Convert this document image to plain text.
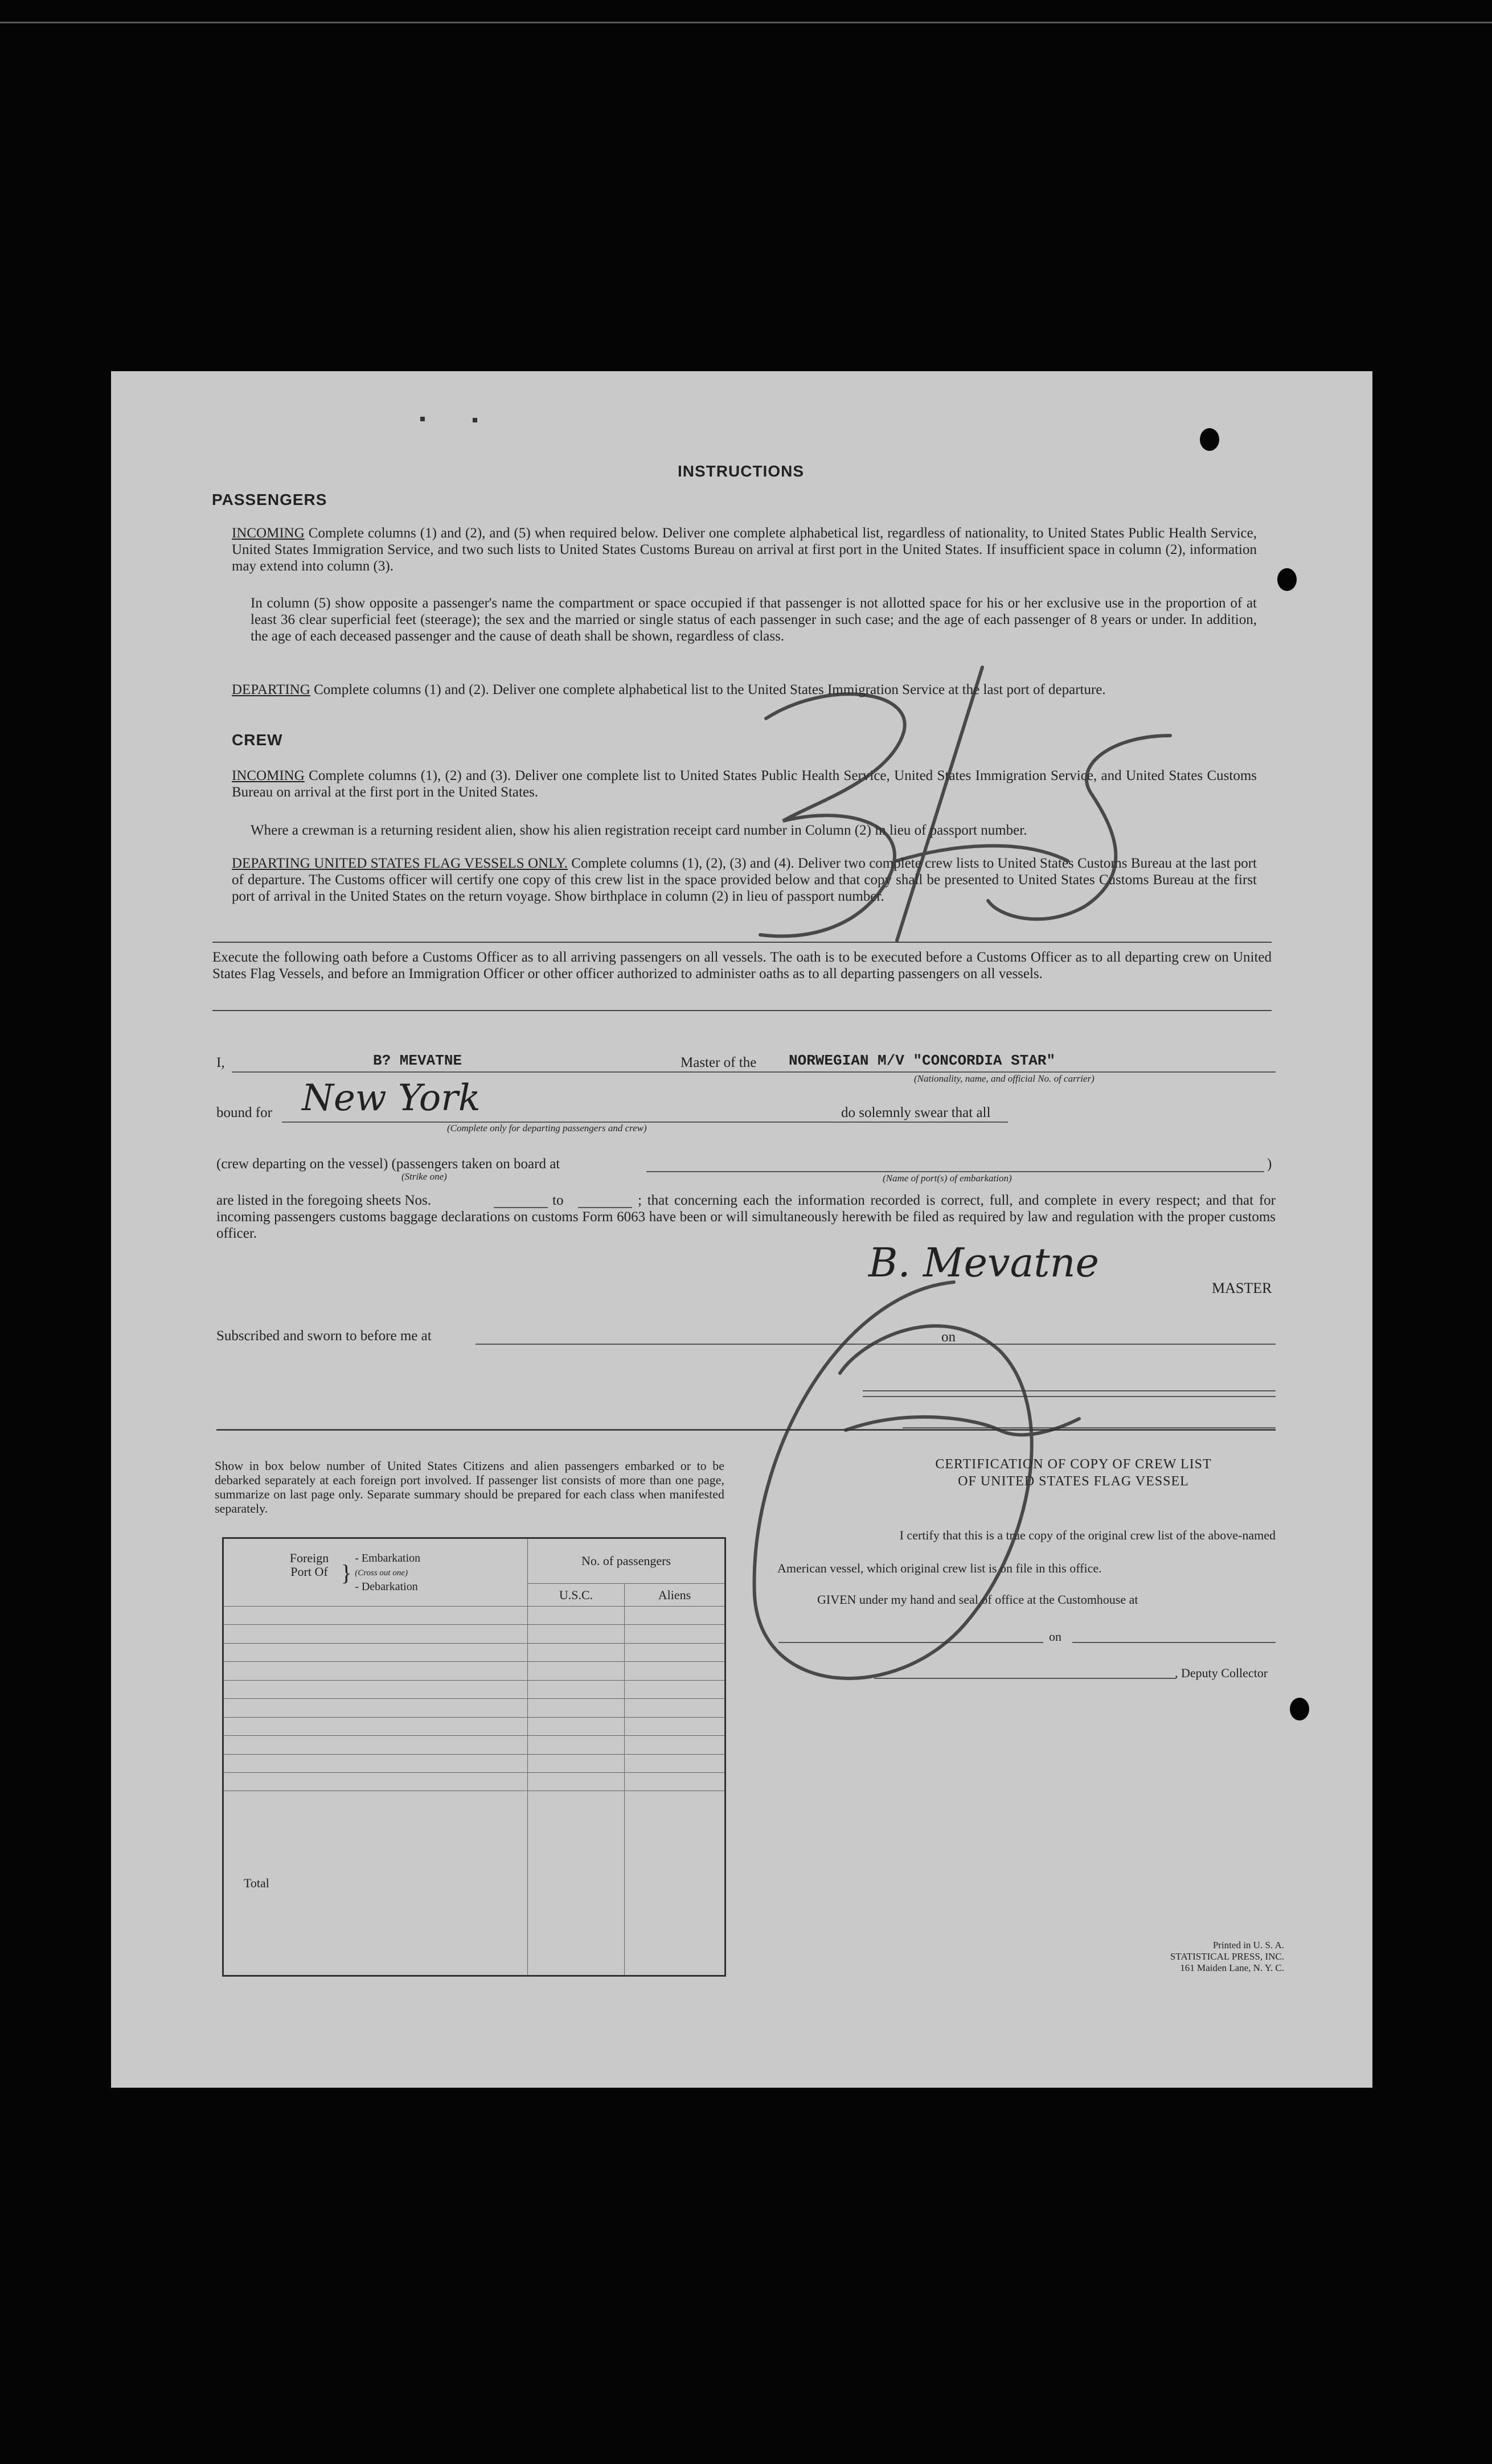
INSTRUCTIONS
PASSENGERS
INCOMING Complete columns (1) and (2), and (5) when required below. Deliver one complete alphabetical list, regardless of nationality, to United States Public Health Service, United States Immigration Service, and two such lists to United States Customs Bureau on arrival at first port in the United States. If insufficient space in column (2), information may extend into column (3).
In column (5) show opposite a passenger's name the compartment or space occupied if that passenger is not allotted space for his or her exclusive use in the proportion of at least 36 clear superficial feet (steerage); the sex and the married or single status of each passenger in such case; and the age of each passenger of 8 years or under. In addition, the age of each deceased passenger and the cause of death shall be shown, regardless of class.
DEPARTING Complete columns (1) and (2). Deliver one complete alphabetical list to the United States Immigration Service at the last port of departure.
CREW
INCOMING Complete columns (1), (2) and (3). Deliver one complete list to United States Public Health Service, United States Immigration Service, and United States Customs Bureau on arrival at the first port in the United States.
Where a crewman is a returning resident alien, show his alien registration receipt card number in Column (2) in lieu of passport number.
DEPARTING UNITED STATES FLAG VESSELS ONLY. Complete columns (1), (2), (3) and (4). Deliver two complete crew lists to United States Customs Bureau at the last port of departure. The Customs officer will certify one copy of this crew list in the space provided below and that copy shall be presented to United States Customs Bureau at the first port of arrival in the United States on the return voyage. Show birthplace in column (2) in lieu of passport number.
Execute the following oath before a Customs Officer as to all arriving passengers on all vessels. The oath is to be executed before a Customs Officer as to all departing crew on United States Flag Vessels, and before an Immigration Officer or other officer authorized to administer oaths as to all departing passengers on all vessels.
I,	B? MEVATNE	Master of the NORWEGIAN M/V "CONCORDIA STAR"
(Nationality, name, and official No. of carrier)
bound for New York
(Complete only for departing passengers and crew)
do solemnly swear that all
(crew departing on the vessel) (passengers taken on board at
(Strike one)	(Name of port(s) of embarkation)
)
are listed in the foregoing sheets Nos.	to	; that concerning each the information recorded is correct, full, and complete in every respect; and that for incoming passengers customs baggage declarations on customs Form 6063 have been or will simultaneously herewith be filed as required by law and regulation with the proper customs officer.
B. Mevatne
MASTER
Subscribed and sworn to before me at	on
Show in box below number of United States Citizens and alien passengers embarked or to be debarked separately at each foreign port involved. If passenger list consists of more than one page, summarize on last page only. Separate summary should be prepared for each class when manifested separately.
Foreign Port Of } - Embarkation
(Cross out one)
- Debarkation	No. of passengers	
	U.S.C.	Aliens

Total		
CERTIFICATION OF COPY OF CREW LIST
OF UNITED STATES FLAG VESSEL
I certify that this is a true copy of the original crew list of the above-named
American vessel, which original crew list is on file in this office.
GIVEN under my hand and seal of office at the Customhouse at
on
, Deputy Collector
Printed in U. S. A.
STATISTICAL PRESS, INC.
161 Maiden Lane, N. Y. C.
